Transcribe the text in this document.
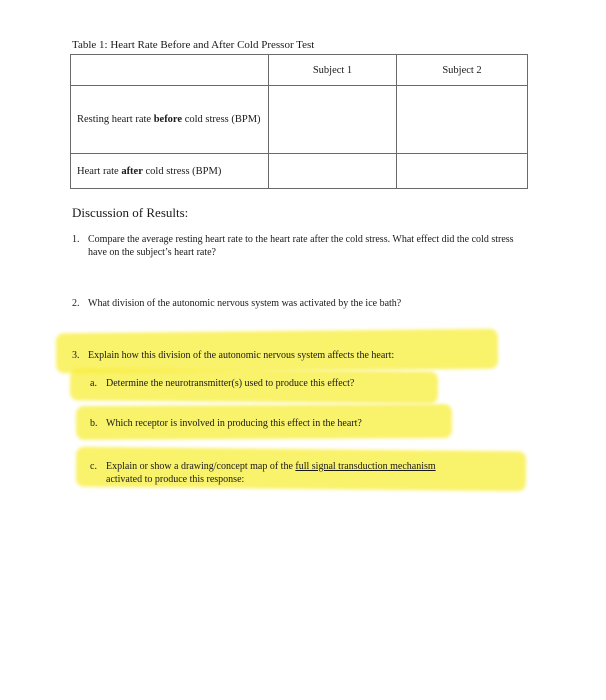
Table 1: Heart Rate Before and After Cold Pressor Test
	Subject 1	Subject 2
Resting heart rate before cold stress (BPM)		
Heart rate after cold stress (BPM)		
Discussion of Results:
1. Compare the average resting heart rate to the heart rate after the cold stress. What effect did the cold stress have on the subject’s heart rate?
2. What division of the autonomic nervous system was activated by the ice bath?
3. Explain how this division of the autonomic nervous system affects the heart:
a. Determine the neurotransmitter(s) used to produce this effect?
b. Which receptor is involved in producing this effect in the heart?
c. Explain or show a drawing/concept map of the full signal transduction mechanism
activated to produce this response:
